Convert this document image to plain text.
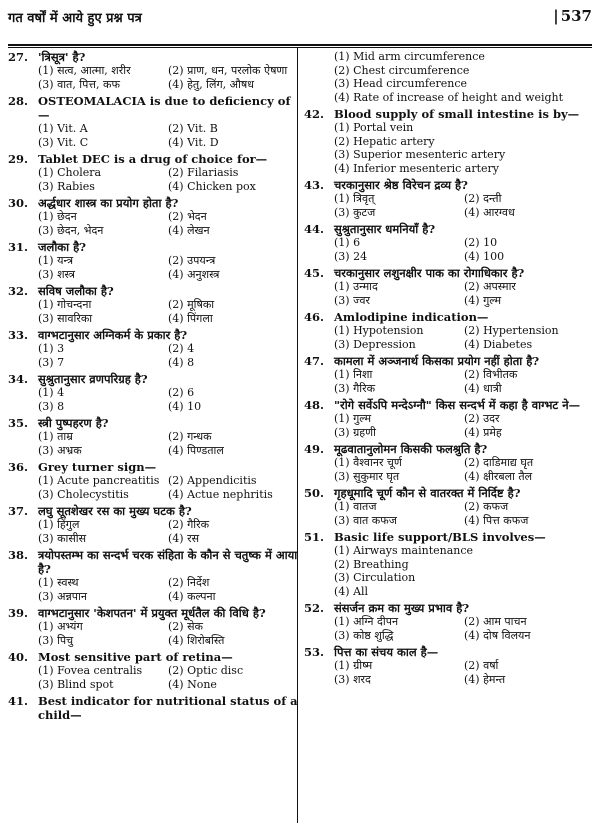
गत वर्षों में आये हुए प्रश्न पत्र	| 537
27. 'त्रिसूत्र' है?
(1) सत्व, आत्मा, शरीर	(2) प्राण, धन, परलोक ऐषणा
(3) वात, पित्त, कफ	(4) हेतु, लिंग, औषध
28. OSTEOMALACIA is due to deficiency of—
(1) Vit. A	(2) Vit. B
(3) Vit. C	(4) Vit. D
29. Tablet DEC is a drug of choice for—
(1) Cholera	(2) Filariasis
(3) Rabies	(4) Chicken pox
30. अर्द्धधार शास्त्र का प्रयोग होता है?
(1) छेदन	(2) भेदन
(3) छेदन, भेदन	(4) लेखन
31. जलौका है?
(1) यन्त्र	(2) उपयन्त्र
(3) शस्त्र	(4) अनुशस्त्र
32. सविष जलौका है?
(1) गोचन्दना	(2) मूषिका
(3) सावरिका	(4) पिंगला
33. वाग्भटानुसार अग्निकर्म के प्रकार है?
(1) 3	(2) 4
(3) 7	(4) 8
34. सुश्रुतानुसार व्रणपरिग्रह है?
(1) 4	(2) 6
(3) 8	(4) 10
35. स्त्री पुष्पहरण है?
(1) ताम्र	(2) गन्धक
(3) अभ्रक	(4) पिण्डताल
36. Grey turner sign—
(1) Acute pancreatitis (2) Appendicitis
(3) Cholecystitis	(4) Actue nephritis
37. लघु सूतशेखर रस का मुख्य घटक है?
(1) हिंगुल	(2) गैरिक
(3) कासीस	(4) रस
38. त्रयोपस्तम्भ का सन्दर्भ चरक संहिता के कौन से चतुष्क में आया है?
(1) स्वस्थ	(2) निर्देश
(3) अन्नपान	(4) कल्पना
39. वाग्भटानुसार 'केशपतन' में प्रयुक्त मूर्धतैल की विधि है?
(1) अभ्यंग	(2) सेक
(3) पिचु	(4) शिरोबस्ति
40. Most sensitive part of retina—
(1) Fovea centralis	(2) Optic disc
(3) Blind spot	(4) None
41. Best indicator for nutritional status of a child—
(1) Mid arm circumference
(2) Chest circumference
(3) Head circumference
(4) Rate of increase of height and weight
42. Blood supply of small intestine is by—
(1) Portal vein
(2) Hepatic artery
(3) Superior mesenteric artery
(4) Inferior mesenteric artery
43. चरकानुसार श्रेष्ठ विरेचन द्रव्य है?
(1) त्रिवृत्	(2) दन्ती
(3) कुटज	(4) आरग्वध
44. सुश्रुतानुसार धमनियाँ है?
(1) 6	(2) 10
(3) 24	(4) 100
45. चरकानुसार लशुनक्षीर पाक का रोगाधिकार है?
(1) उन्माद	(2) अपस्मार
(3) ज्वर	(4) गुल्म
46. Amlodipine indication—
(1) Hypotension	(2) Hypertension
(3) Depression	(4) Diabetes
47. कामला में अञ्जनार्थ किसका प्रयोग नहीं होता है?
(1) निशा	(2) विभीतक
(3) गैरिक	(4) धात्री
48. "रोगे सर्वेऽपि मन्देऽग्नौ" किस सन्दर्भ में कहा है वाग्भट ने—
(1) गुल्म	(2) उदर
(3) ग्रहणी	(4) प्रमेह
49. मूढवातानुलोमन किसकी फलश्रुति है?
(1) वैश्वानर चूर्ण	(2) दाडिमाद्य घृत
(3) सुकुमार घृत	(4) क्षीरबला तैल
50. गृहधूमादि चूर्ण कौन से वातरक्त में निर्दिष्ट है?
(1) वातज	(2) कफज
(3) वात कफज	(4) पित्त कफज
51. Basic life support/BLS involves—
(1) Airways maintenance
(2) Breathing
(3) Circulation
(4) All
52. संसर्जन क्रम का मुख्य प्रभाव है?
(1) अग्नि दीपन	(2) आम पाचन
(3) कोष्ठ शुद्धि	(4) दोष विलयन
53. पित्त का संचय काल है—
(1) ग्रीष्म	(2) वर्षा
(3) शरद	(4) हेमन्त
